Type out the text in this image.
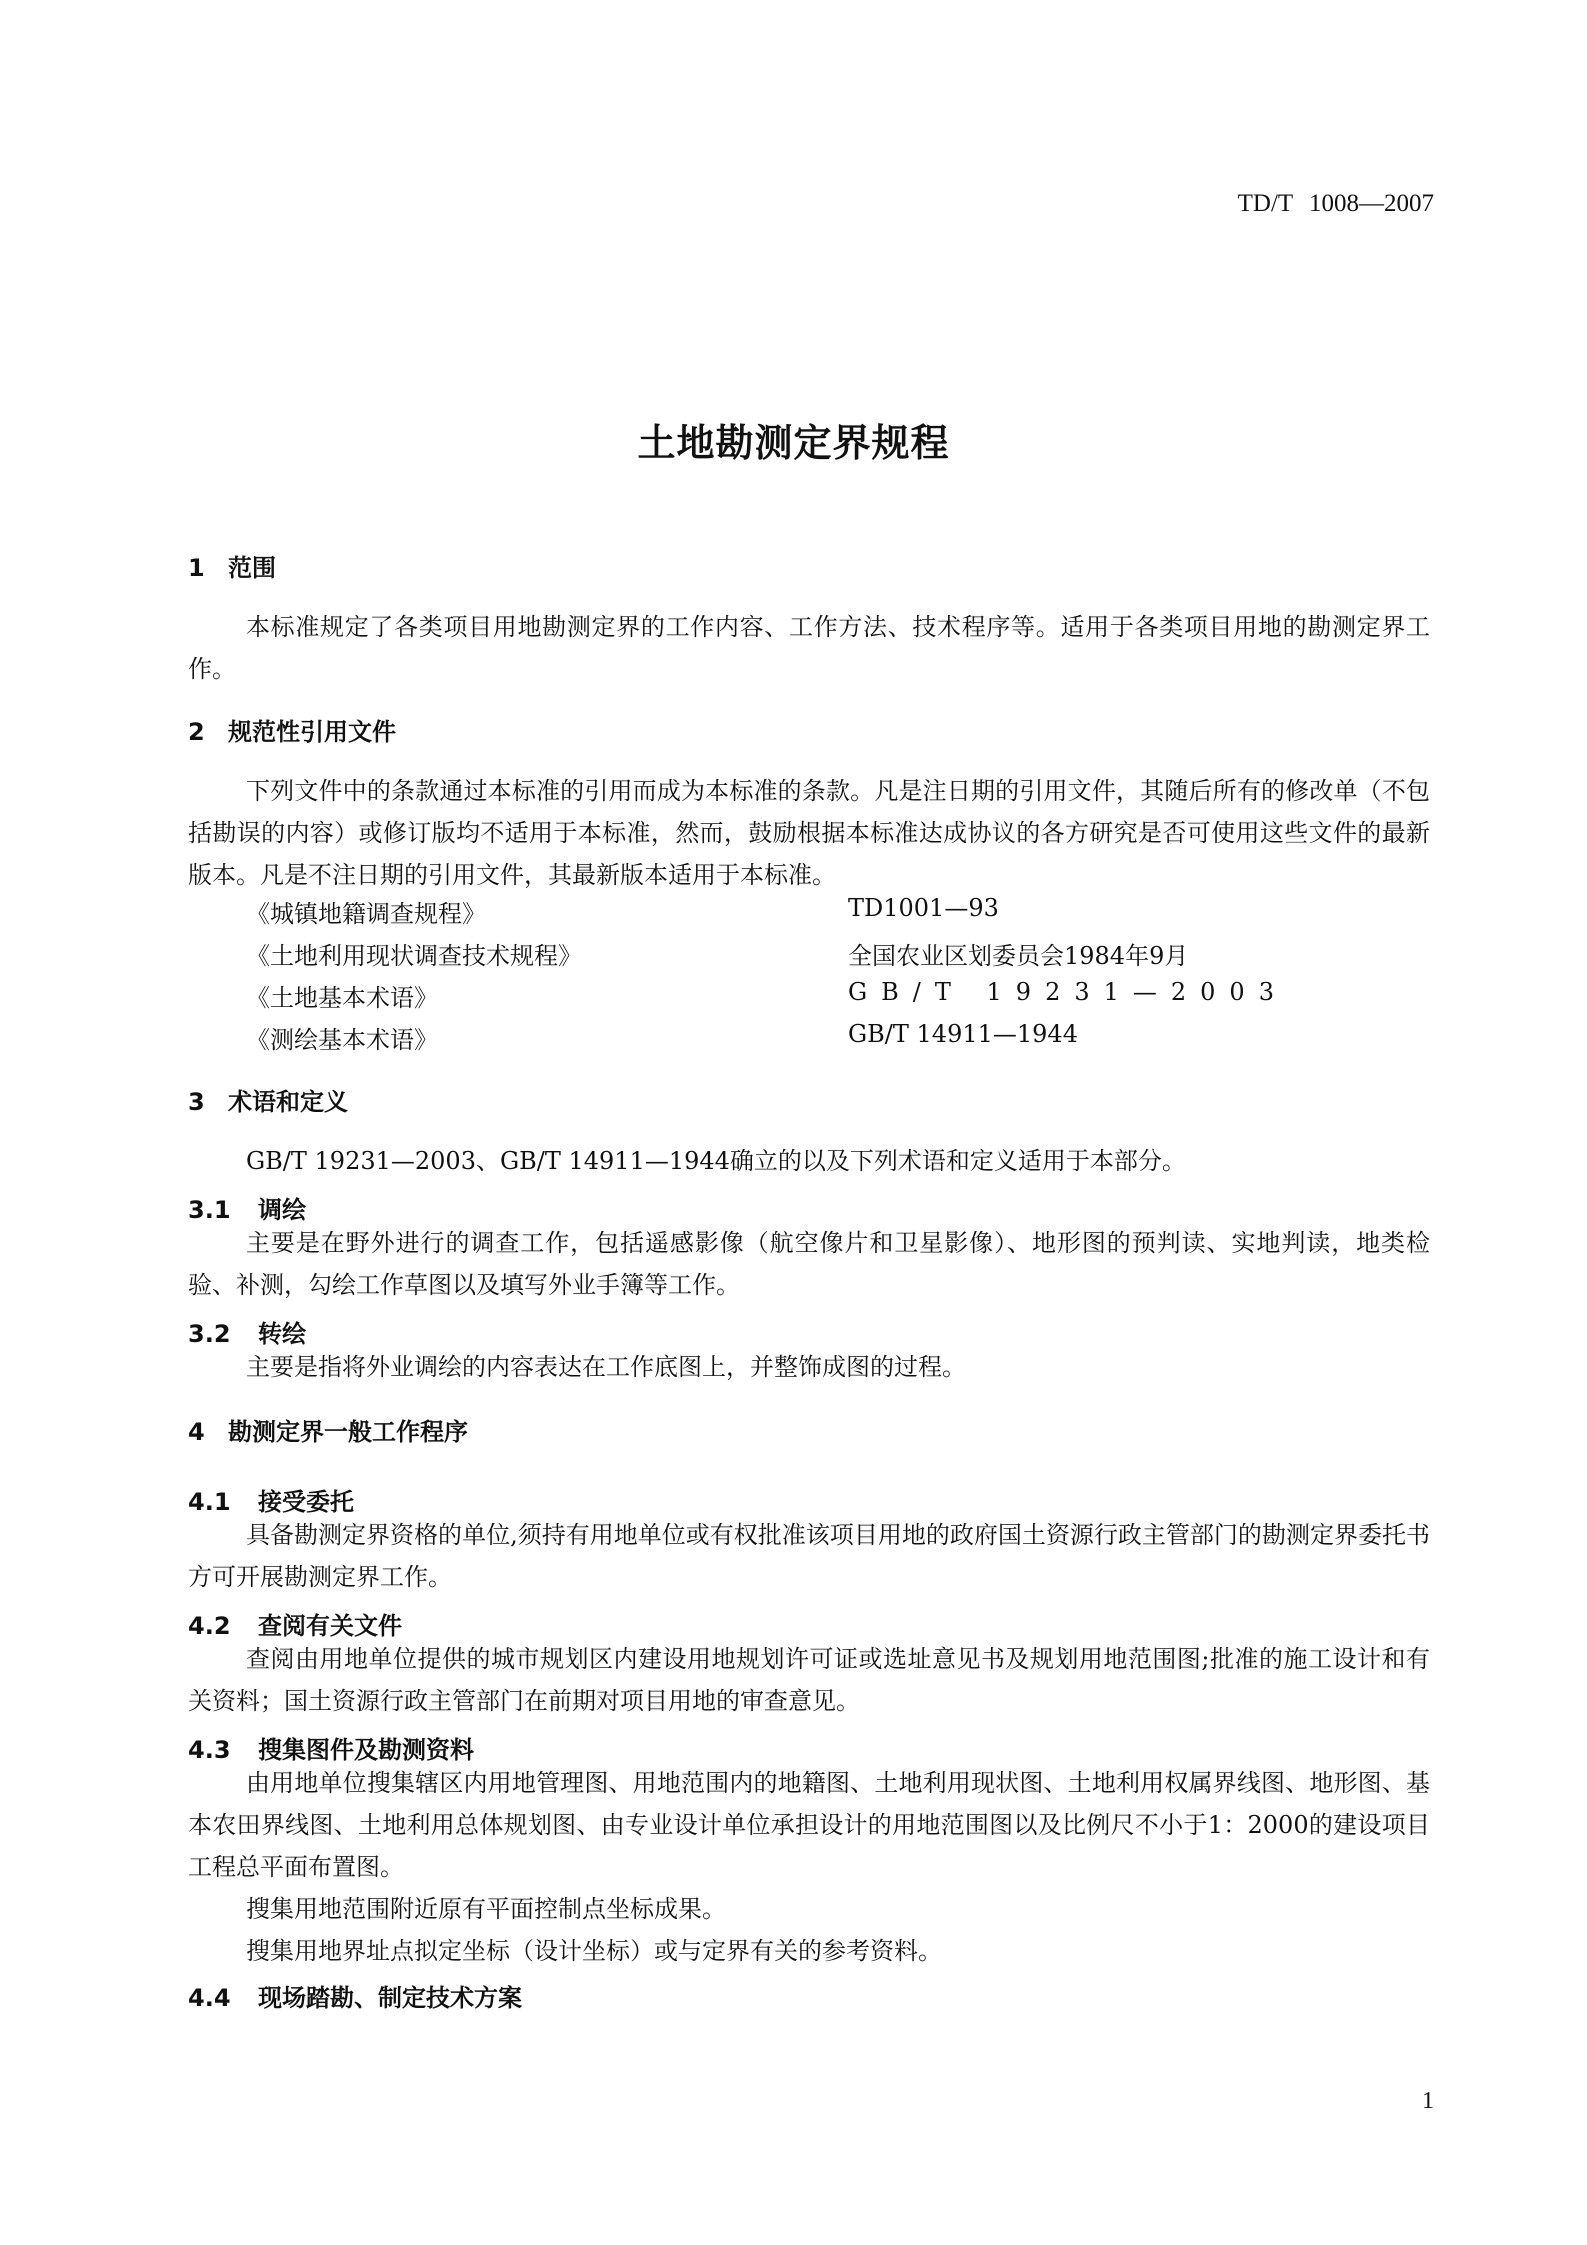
TD/T 1008—2007
土地勘测定界规程
1 范围
本标准规定了各类项目用地勘测定界的工作内容、工作方法、技术程序等。适用于各类项目用地的勘测定界工作。
2 规范性引用文件
下列文件中的条款通过本标准的引用而成为本标准的条款。凡是注日期的引用文件，其随后所有的修改单（不包括勘误的内容）或修订版均不适用于本标准，然而，鼓励根据本标准达成协议的各方研究是否可使用这些文件的最新版本。凡是不注日期的引用文件，其最新版本适用于本标准。
《城镇地籍调查规程》	TD1001—93
《土地利用现状调查技术规程》	全国农业区划委员会1984年9月
《土地基本术语》	GB/T 19231—2003
《测绘基本术语》	GB/T 14911—1944
3 术语和定义
GB/T 19231—2003、GB/T 14911—1944确立的以及下列术语和定义适用于本部分。
3.1 调绘
主要是在野外进行的调查工作，包括遥感影像（航空像片和卫星影像）、地形图的预判读、实地判读，地类检验、补测，勾绘工作草图以及填写外业手簿等工作。
3.2 转绘
主要是指将外业调绘的内容表达在工作底图上，并整饰成图的过程。
4 勘测定界一般工作程序
4.1 接受委托
具备勘测定界资格的单位,须持有用地单位或有权批准该项目用地的政府国土资源行政主管部门的勘测定界委托书方可开展勘测定界工作。
4.2 查阅有关文件
查阅由用地单位提供的城市规划区内建设用地规划许可证或选址意见书及规划用地范围图;批准的施工设计和有关资料；国土资源行政主管部门在前期对项目用地的审查意见。
4.3 搜集图件及勘测资料
由用地单位搜集辖区内用地管理图、用地范围内的地籍图、土地利用现状图、土地利用权属界线图、地形图、基本农田界线图、土地利用总体规划图、由专业设计单位承担设计的用地范围图以及比例尺不小于1：2000的建设项目工程总平面布置图。
搜集用地范围附近原有平面控制点坐标成果。
搜集用地界址点拟定坐标（设计坐标）或与定界有关的参考资料。
4.4 现场踏勘、制定技术方案
1
